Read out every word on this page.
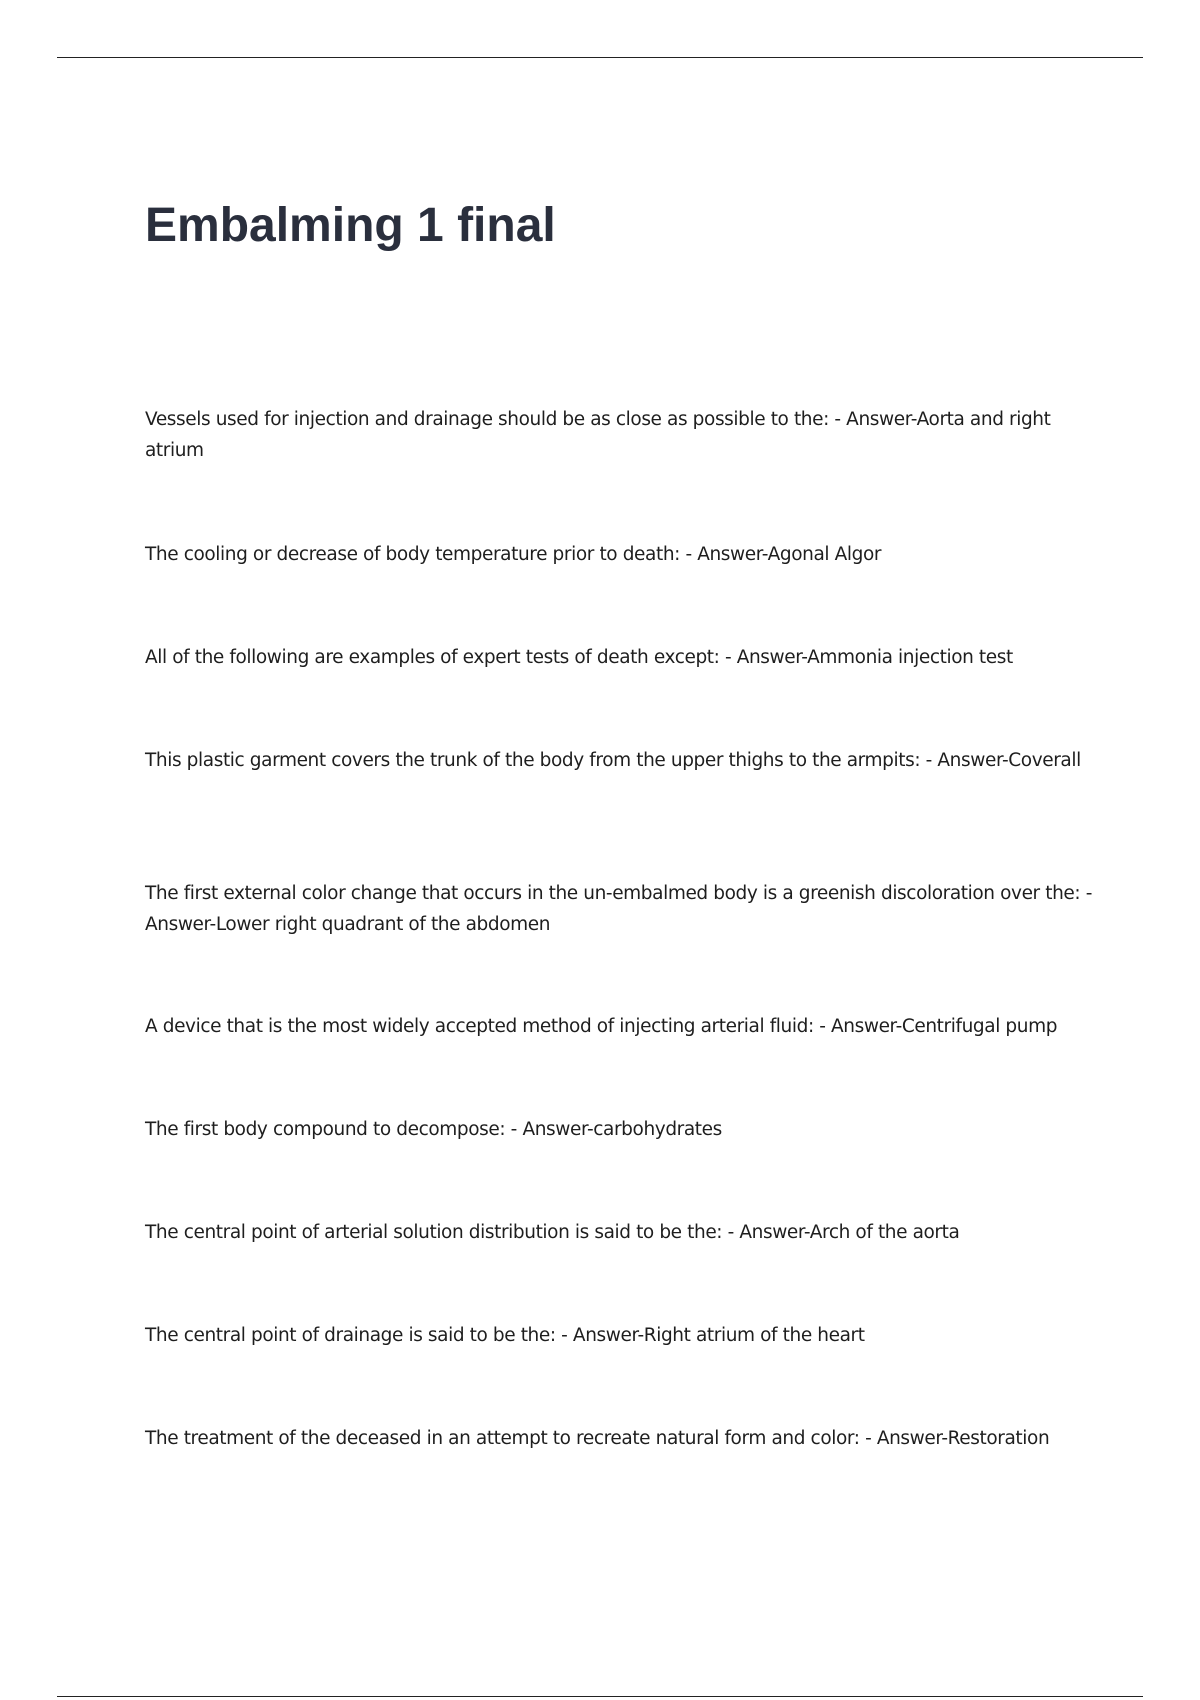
Embalming 1 final

Vessels used for injection and drainage should be as close as possible to the: - Answer-Aorta and right atrium

The cooling or decrease of body temperature prior to death: - Answer-Agonal Algor

All of the following are examples of expert tests of death except: - Answer-Ammonia injection test

This plastic garment covers the trunk of the body from the upper thighs to the armpits: - Answer-Coverall

The first external color change that occurs in the un-embalmed body is a greenish discoloration over the: - Answer-Lower right quadrant of the abdomen

A device that is the most widely accepted method of injecting arterial fluid: - Answer-Centrifugal pump

The first body compound to decompose: - Answer-carbohydrates

The central point of arterial solution distribution is said to be the: - Answer-Arch of the aorta

The central point of drainage is said to be the: - Answer-Right atrium of the heart

The treatment of the deceased in an attempt to recreate natural form and color: - Answer-Restoration
